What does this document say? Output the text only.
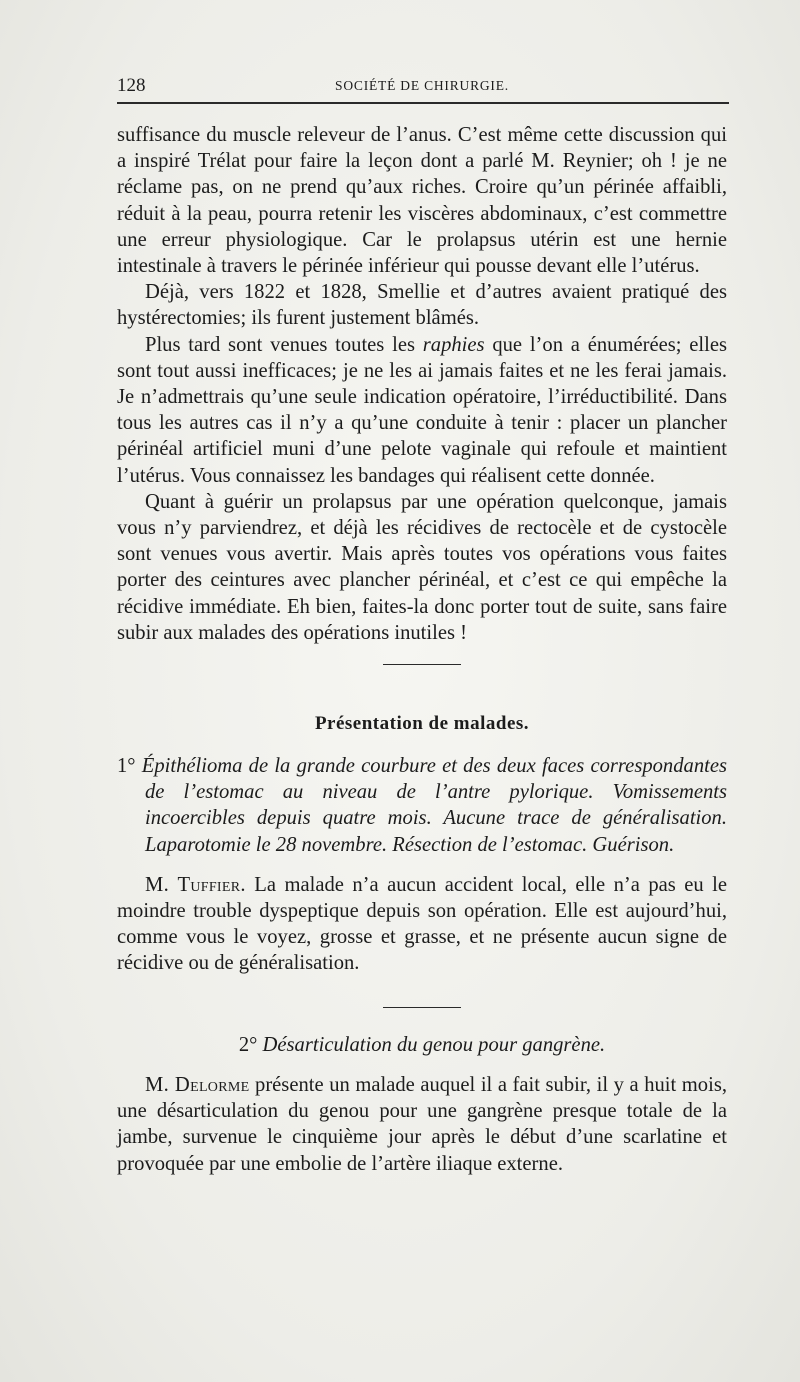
128	SOCIÉTÉ DE CHIRURGIE.

suffisance du muscle releveur de l’anus. C’est même cette discussion qui a inspiré Trélat pour faire la leçon dont a parlé M. Reynier; oh ! je ne réclame pas, on ne prend qu’aux riches. Croire qu’un périnée affaibli, réduit à la peau, pourra retenir les viscères abdominaux, c’est commettre une erreur physiologique. Car le prolapsus utérin est une hernie intestinale à travers le périnée inférieur qui pousse devant elle l’utérus.

Déjà, vers 1822 et 1828, Smellie et d’autres avaient pratiqué des hystérectomies; ils furent justement blâmés.

Plus tard sont venues toutes les raphies que l’on a énumérées; elles sont tout aussi inefficaces; je ne les ai jamais faites et ne les ferai jamais. Je n’admettrais qu’une seule indication opératoire, l’irréductibilité. Dans tous les autres cas il n’y a qu’une conduite à tenir : placer un plancher périnéal artificiel muni d’une pelote vaginale qui refoule et maintient l’utérus. Vous connaissez les bandages qui réalisent cette donnée.

Quant à guérir un prolapsus par une opération quelconque, jamais vous n’y parviendrez, et déjà les récidives de rectocèle et de cystocèle sont venues vous avertir. Mais après toutes vos opérations vous faites porter des ceintures avec plancher périnéal, et c’est ce qui empêche la récidive immédiate. Eh bien, faites-la donc porter tout de suite, sans faire subir aux malades des opérations inutiles !

Présentation de malades.

1° Épithélioma de la grande courbure et des deux faces correspondantes de l’estomac au niveau de l’antre pylorique. Vomissements incoercibles depuis quatre mois. Aucune trace de généralisation. Laparotomie le 28 novembre. Résection de l’estomac. Guérison.

M. Tuffier. La malade n’a aucun accident local, elle n’a pas eu le moindre trouble dyspeptique depuis son opération. Elle est aujourd’hui, comme vous le voyez, grosse et grasse, et ne présente aucun signe de récidive ou de généralisation.

2° Désarticulation du genou pour gangrène.

M. Delorme présente un malade auquel il a fait subir, il y a huit mois, une désarticulation du genou pour une gangrène presque totale de la jambe, survenue le cinquième jour après le début d’une scarlatine et provoquée par une embolie de l’artère iliaque externe.
